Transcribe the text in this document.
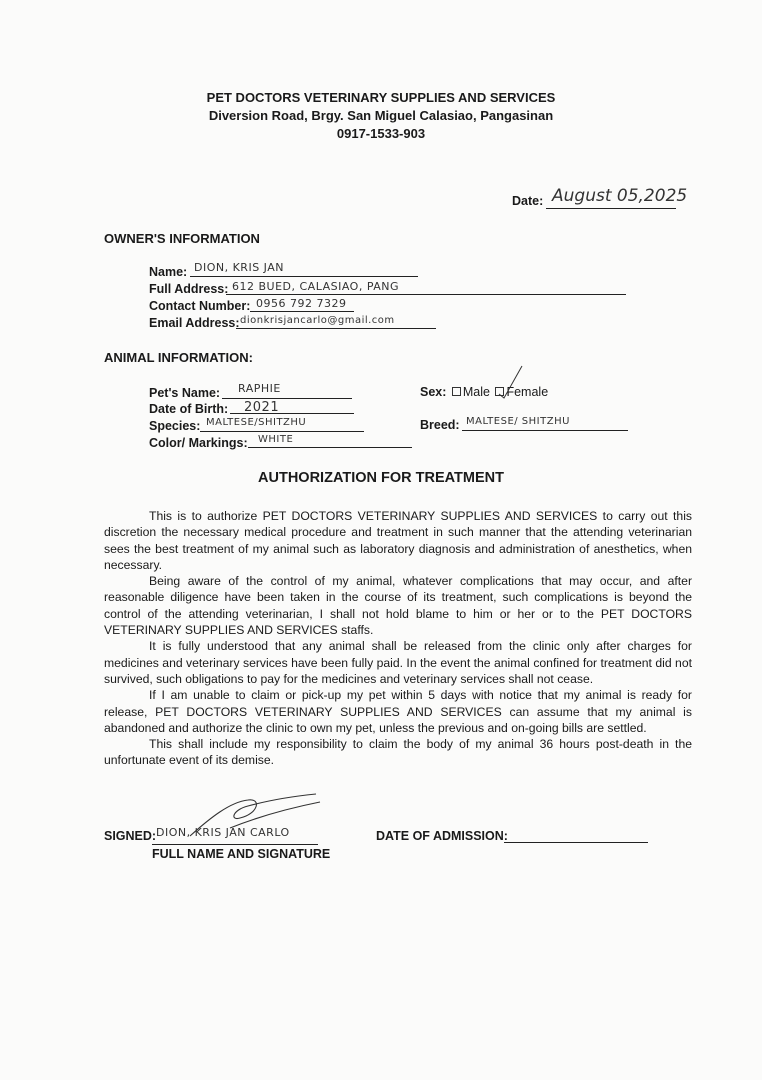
PET DOCTORS VETERINARY SUPPLIES AND SERVICES
Diversion Road, Brgy. San Miguel Calasiao, Pangasinan
0917-1533-903
Date: August 05,2025
OWNER'S INFORMATION
Name: DION, KRIS JAN
Full Address: 612 BUED, CALASIAO, PANG
Contact Number: 0956 792 7329
Email Address: dionkrisjancarlo@gmail.com
ANIMAL INFORMATION:
Pet's Name: RAPHIE
Date of Birth: 2021
Species: MALTESE/SHITZHU
Color/ Markings: WHITE
Sex: Male Female
Breed: MALTESE/ SHITZHU
AUTHORIZATION FOR TREATMENT

This is to authorize PET DOCTORS VETERINARY SUPPLIES AND SERVICES to carry out this discretion the necessary medical procedure and treatment in such manner that the attending veterinarian sees the best treatment of my animal such as laboratory diagnosis and administration of anesthetics, when necessary.

Being aware of the control of my animal, whatever complications that may occur, and after reasonable diligence have been taken in the course of its treatment, such complications is beyond the control of the attending veterinarian, I shall not hold blame to him or her or to the PET DOCTORS VETERINARY SUPPLIES AND SERVICES staffs.

It is fully understood that any animal shall be released from the clinic only after charges for medicines and veterinary services have been fully paid. In the event the animal confined for treatment did not survived, such obligations to pay for the medicines and veterinary services shall not cease.

If I am unable to claim or pick-up my pet within 5 days with notice that my animal is ready for release, PET DOCTORS VETERINARY SUPPLIES AND SERVICES can assume that my animal is abandoned and authorize the clinic to own my pet, unless the previous and on-going bills are settled.

This shall include my responsibility to claim the body of my animal 36 hours post-death in the unfortunate event of its demise.

SIGNED: DION, KRIS JAN CARLO
FULL NAME AND SIGNATURE
DATE OF ADMISSION:
